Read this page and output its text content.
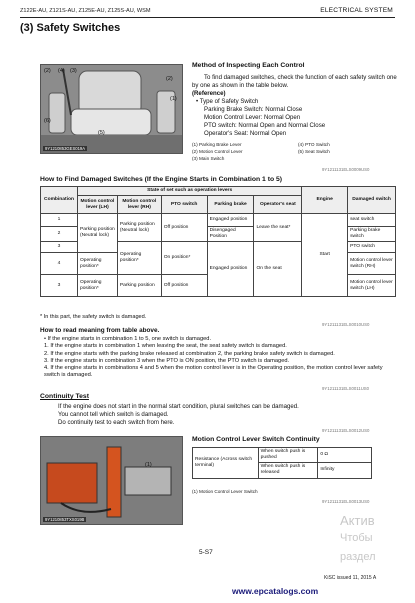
Z122E-AU, Z121S-AU, Z125E-AU, Z125S-AU, WSM	ELECTRICAL SYSTEM
(3) Safety Switches
9Y1210853GES019A
(2) (4) (3)
(2)
(1)
(6)
(5)
Method of Inspecting Each Control
To find damaged switches, check the function of each safety switch one by one as shown in the table below.
(Reference)
• Type of Safety Switch
Parking Brake Switch: Normal Close
Motion Control Lever: Normal Open
PTO switch: Normal Open and Normal Close
Operator's Seat: Normal Open
(1) Parking Brake Lever
(2) Motion Control Lever
(3) Main Switch
(4) PTO Switch
(5) Seat Switch
9Y1211131ELS0009US0
How to Find Damaged Switches (If the Engine Starts in Combination 1 to 5)
Combination	State of set such as operation levers					Engine	Damaged switch
	Motion control lever (LH)	Motion control lever (RH)	PTO switch	Parking brake	Operator's seat		
1	Parking position (Neutral lock)	Parking position (Neutral lock)	Off position	Engaged position	Leave the seat*	Start	seat switch
2				Disengaged Position			Parking brake switch
3		Operating position*	On position*	Engaged position	On the seat		PTO switch
4	Operating position*						Motion control lever switch (RH)
3	Operating position*	Parking position	Off position				Motion control lever switch (LH)
* In this part, the safety switch is damaged.
9Y1211131ELS0010US0
How to read meaning from table above.
• If the engine starts in combination 1 to 5, one switch is damaged.
1. If the engine starts in combination 1 when leaving the seat, the seat safety switch is damaged.
2. If the engine starts with the parking brake released at combination 2, the parking brake safety switch is damaged.
3. If the engine starts in combination 3 when the PTO is ON position, the PTO switch is damaged.
4. If the engine starts in combinations 4 and 5 when the motion control lever is in the Operating position, the motion control lever safety switch is damaged.
9Y1211131ELS0011US0
Continuity Test
If the engine does not start in the normal start condition, plural switches can be damaged.
You cannot tell which switch is damaged.
Do continuity test to each switch from here.
9Y1211131ELS0012US0
9Y1210853TXS019B
(1)
Motion Control Lever Switch Continuity
Resistance (Across switch terminal)	When switch push is pushed	0 Ω
	When switch push is released	Infinity
(1) Motion Control Lever Switch
9Y1211131ELS0013US0
Актив
Чтобы
раздел
5-S7
KiSC issued 11, 2015 A
www.epcatalogs.com
